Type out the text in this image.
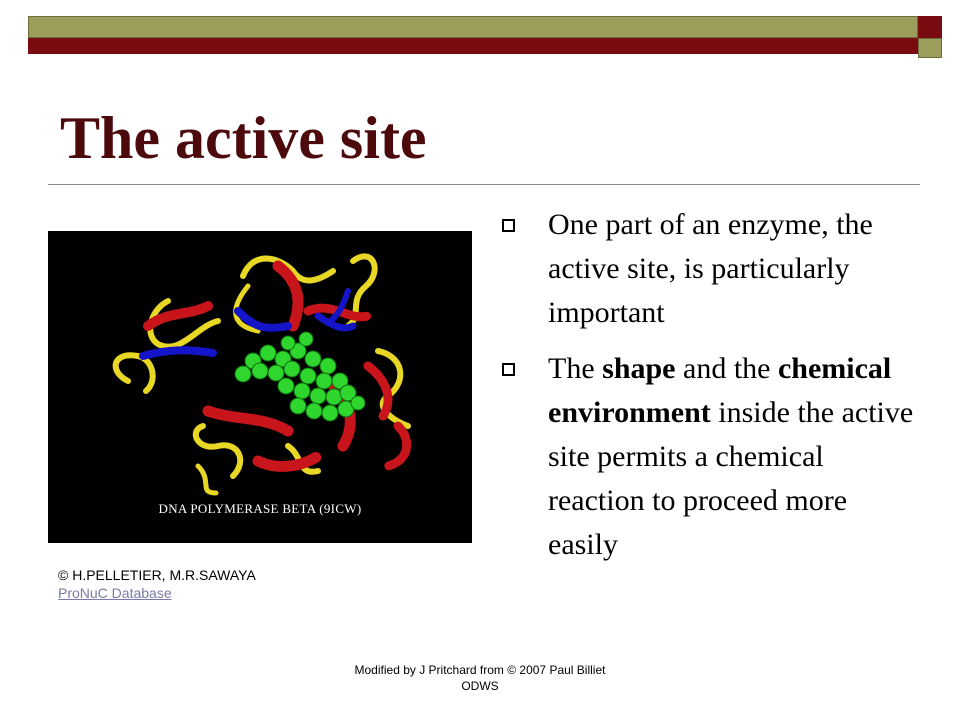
The active site
DNA POLYMERASE BETA (9ICW)
© H.PELLETIER, M.R.SAWAYA
ProNuC Database
One part of an enzyme, the active site, is particularly important
The shape and the chemical environment inside the active site permits a chemical reaction to proceed more easily
Modified by J Pritchard from © 2007 Paul Billiet
ODWS
